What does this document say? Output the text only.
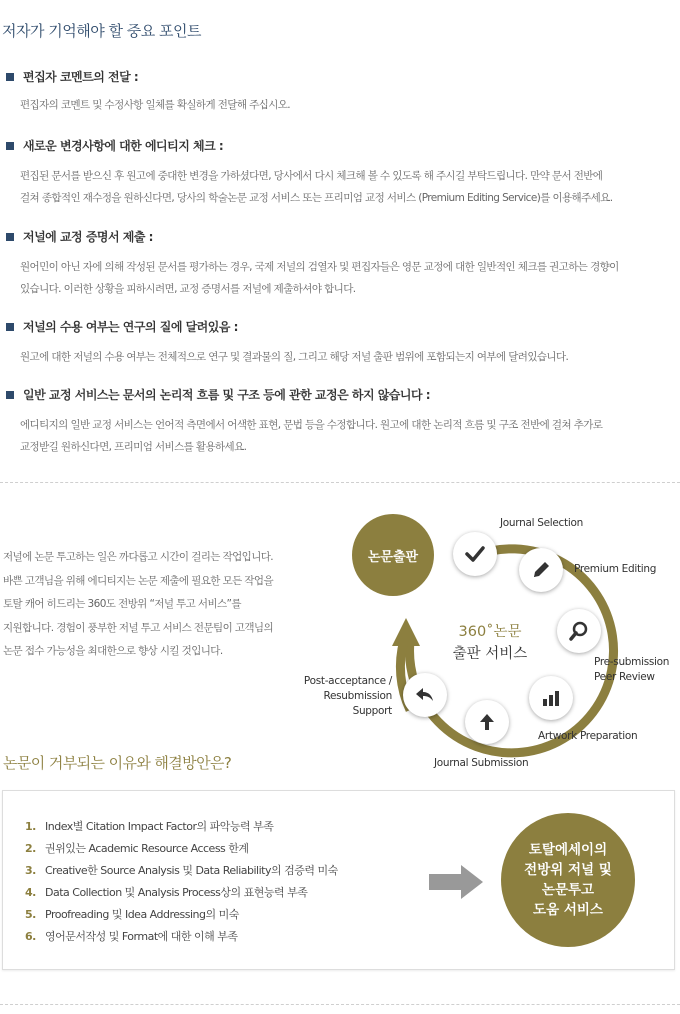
저자가 기억해야 할 중요 포인트
편집자 코멘트의 전달 :
편집자의 코멘트 및 수정사항 일체를 확실하게 전달해 주십시오.
새로운 변경사항에 대한 에디티지 체크 :
편집된 문서를 받으신 후 원고에 중대한 변경을 가하셨다면, 당사에서 다시 체크해 볼 수 있도록 해 주시길 부탁드립니다. 만약 문서 전반에
걸쳐 종합적인 재수정을 원하신다면, 당사의 학술논문 교정 서비스 또는 프리미엄 교정 서비스 (Premium Editing Service)를 이용해주세요.
저널에 교정 증명서 제출 :
원어민이 아닌 자에 의해 작성된 문서를 평가하는 경우, 국제 저널의 검열자 및 편집자들은 영문 교정에 대한 일반적인 체크를 권고하는 경향이
있습니다. 이러한 상황을 피하시려면, 교정 증명서를 저널에 제출하셔야 합니다.
저널의 수용 여부는 연구의 질에 달려있음 :
원고에 대한 저널의 수용 여부는 전체적으로 연구 및 결과물의 질, 그리고 해당 저널 출판 범위에 포함되는지 여부에 달려있습니다.
일반 교정 서비스는 문서의 논리적 흐름 및 구조 등에 관한 교정은 하지 않습니다 :
에디티지의 일반 교정 서비스는 언어적 측면에서 어색한 표현, 문법 등을 수정합니다. 원고에 대한 논리적 흐름 및 구조 전반에 걸쳐 추가로
교정받길 원하신다면, 프리미엄 서비스를 활용하세요.
저널에 논문 투고하는 일은 까다롭고 시간이 걸리는 작업입니다.
바쁜 고객님을 위해 에디티지는 논문 제출에 필요한 모든 작업을
토탈 캐어 히드리는 360도 전방위 “저널 투고 서비스”를
지원합니다. 경험이 풍부한 저널 투고 서비스 전문팀이 고객님의
논문 접수 가능성을 최대한으로 향상 시킬 것입니다.
논문출판
360˚논문
출판 서비스
Journal Selection
Premium Editing
Pre-submission
Peer Review
Artwork Preparation
Journal Submission
Post-acceptance /
Resubmission
Support
논문이 거부되는 이유와 해결방안은?
1. Index별 Citation Impact Factor의 파악능력 부족
2. 권위있는 Academic Resource Access 한계
3. Creative한 Source Analysis 및 Data Reliability의 검증력 미숙
4. Data Collection 및 Analysis Process상의 표현능력 부족
5. Proofreading 및 Idea Addressing의 미숙
6. 영어문서작성 및 Format에 대한 이해 부족
토탈에세이의
전방위 저널 및
논문투고
도움 서비스
